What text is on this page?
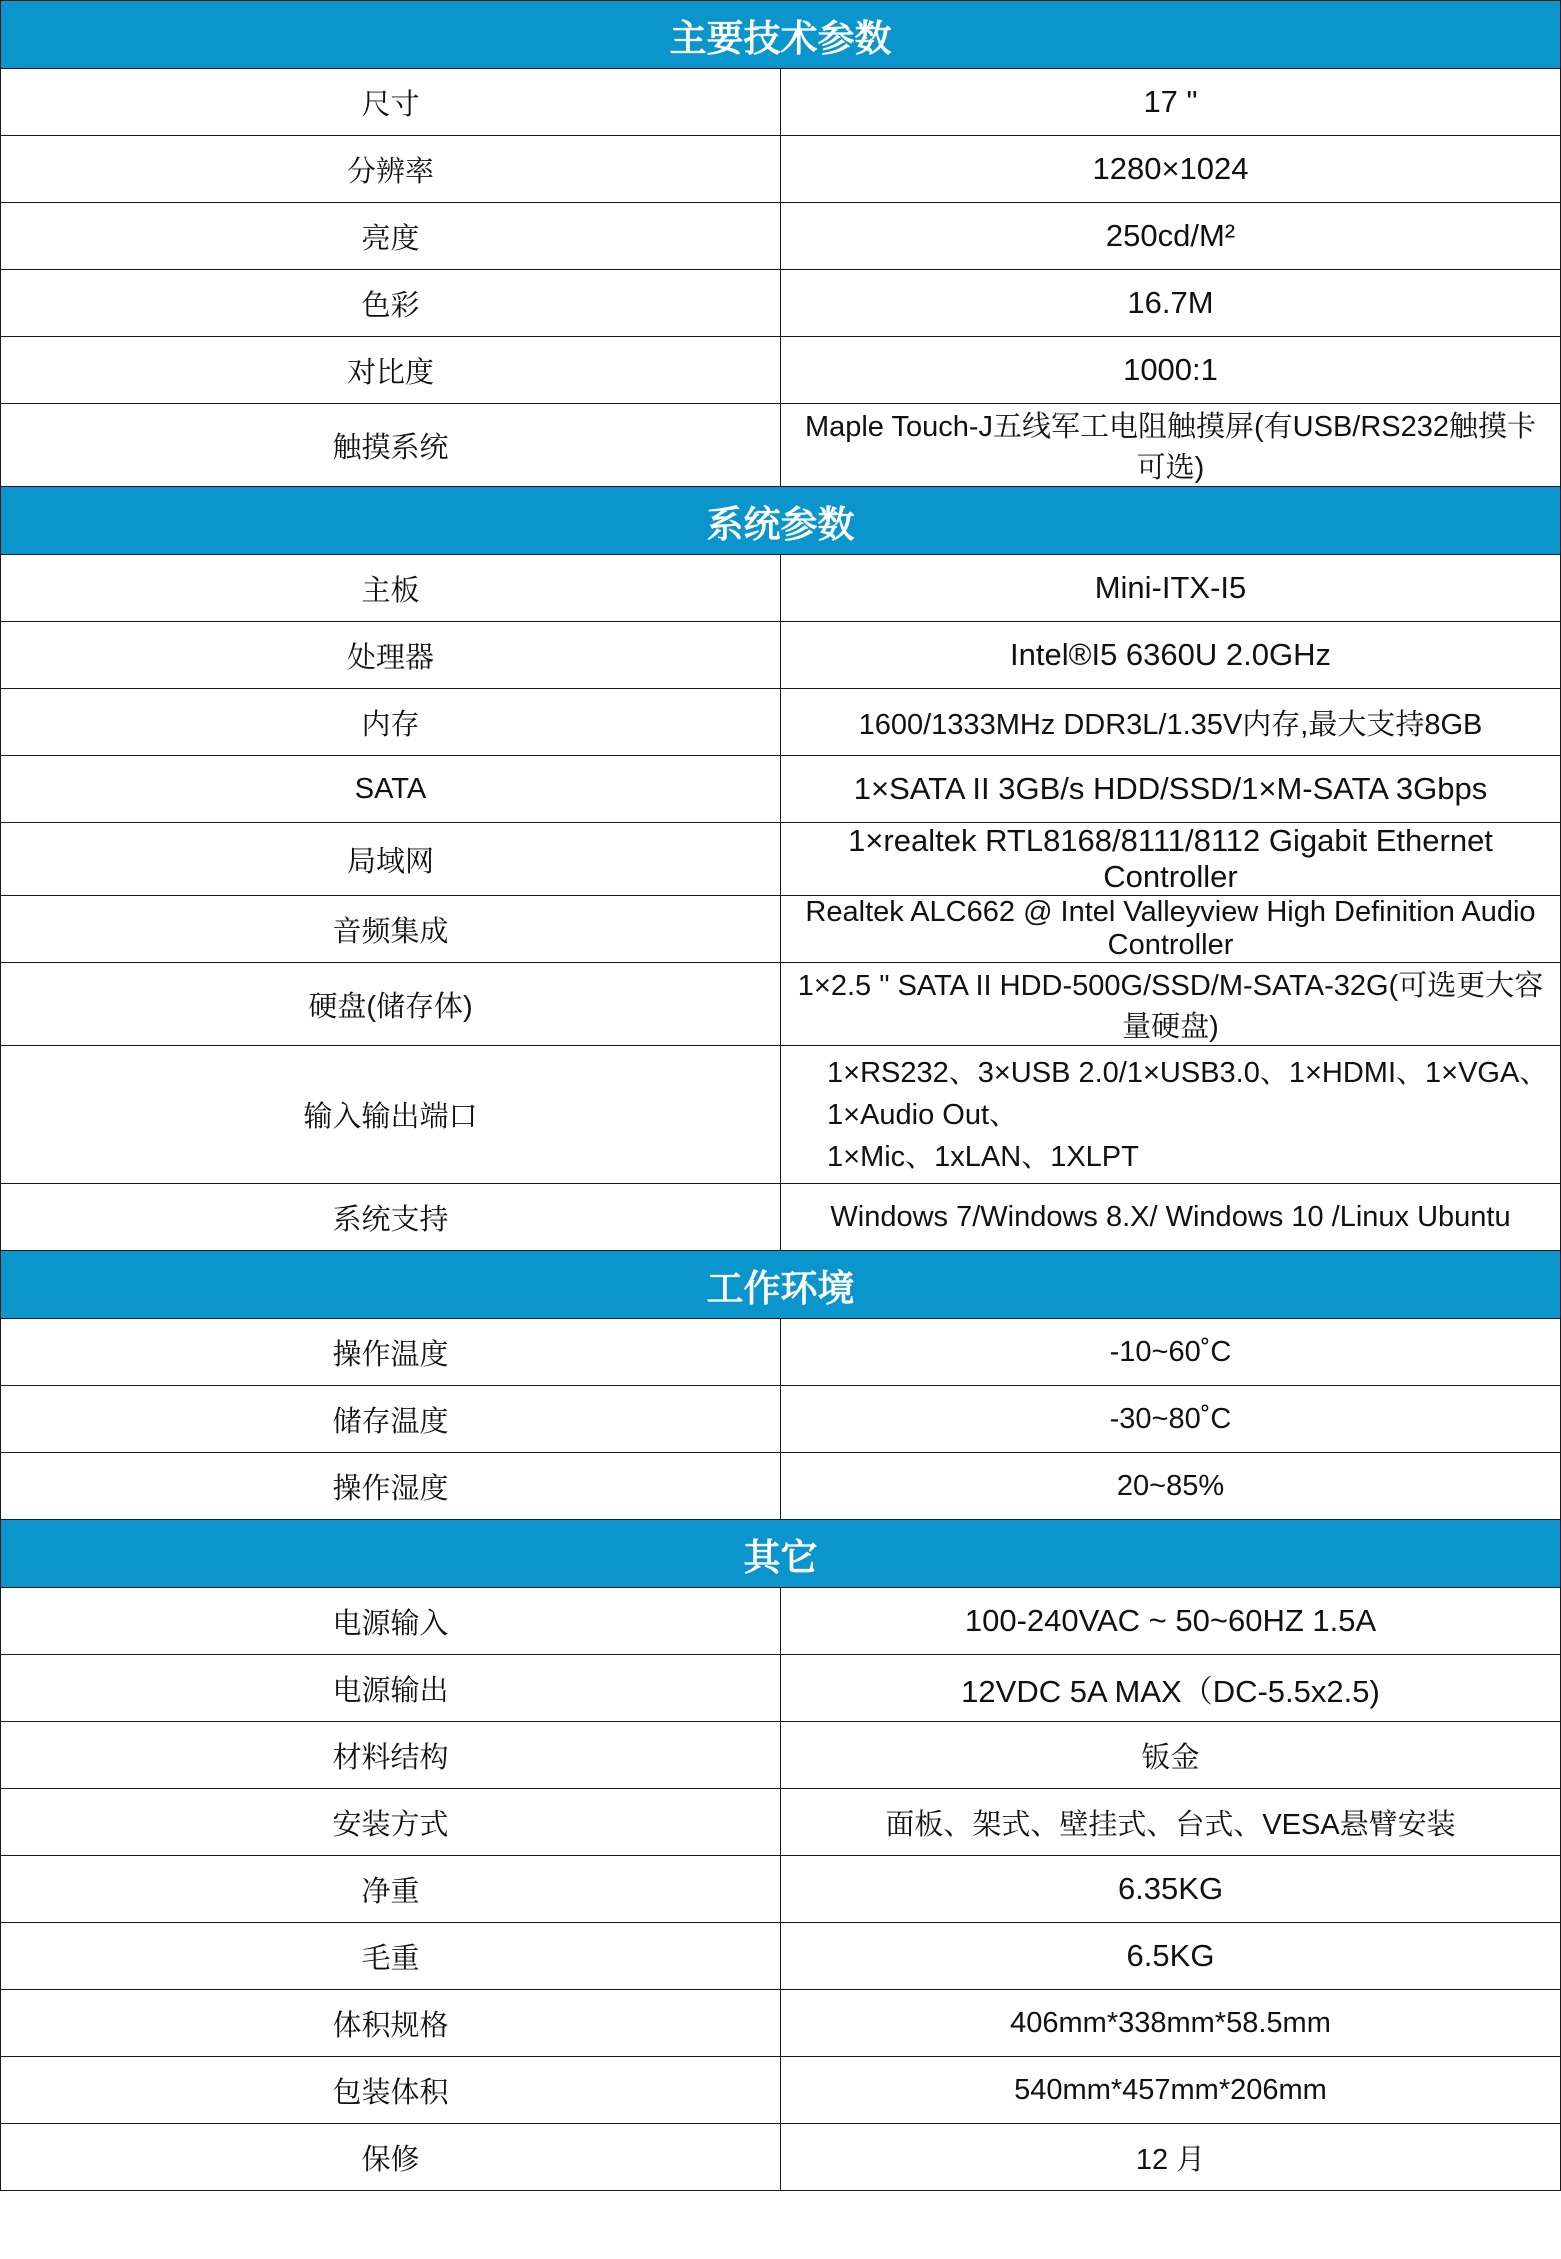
主要技术参数	
尺寸	17 "
分辨率	1280×1024
亮度	250cd/M²
色彩	16.7M
对比度	1000:1
触摸系统	Maple Touch-J五线军工电阻触摸屏(有USB/RS232触摸卡可选)
系统参数	
主板	Mini-ITX-I5
处理器	Intel®I5 6360U 2.0GHz
内存	1600/1333MHz DDR3L/1.35V内存,最大支持8GB
SATA	1×SATA II 3GB/s HDD/SSD/1×M-SATA 3Gbps
局域网	1×realtek RTL8168/8111/8112 Gigabit Ethernet Controller
音频集成	Realtek ALC662 @ Intel Valleyview High Definition Audio Controller
硬盘(储存体)	1×2.5 " SATA II HDD-500G/SSD/M-SATA-32G(可选更大容量硬盘)
输入输出端口	1×RS232、3×USB 2.0/1×USB3.0、1×HDMI、1×VGA、1×Audio Out、
1×Mic、1xLAN、1XLPT

系统支持	Windows 7/Windows 8.X/ Windows 10 /Linux Ubuntu
工作环境	
操作温度	-10~60˚C
储存温度	-30~80˚C
操作湿度	20~85%
其它	
电源输入	100-240VAC ~ 50~60HZ 1.5A
电源输出	12VDC 5A MAX（DC-5.5x2.5)
材料结构	钣金
安装方式	面板、架式、壁挂式、台式、VESA悬臂安装
净重	6.35KG
毛重	6.5KG
体积规格	406mm*338mm*58.5mm
包装体积	540mm*457mm*206mm
保修	12 月
